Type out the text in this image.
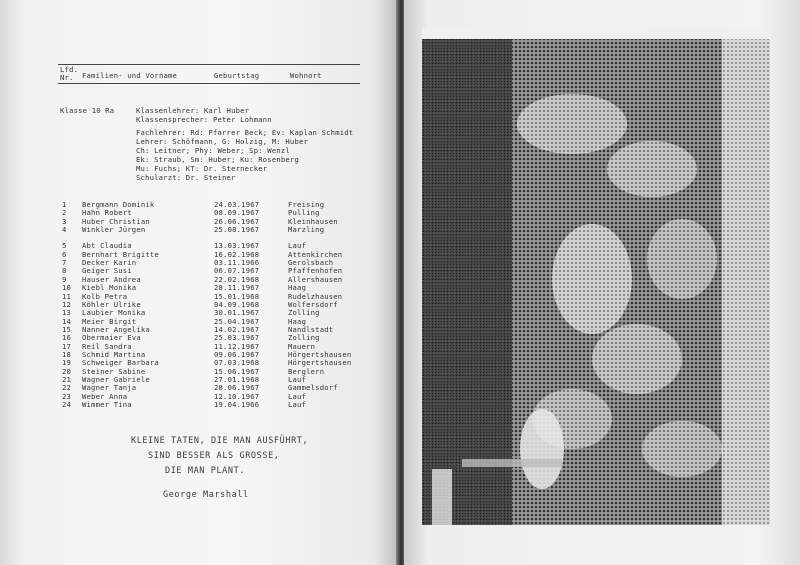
Lfd.
Nr.	Familien- und Vorname	Geburtstag	Wohnort
Klasse 10 Ra	Klassenlehrer: Karl Huber
Klassensprecher: Peter Lohmann
Fachlehrer: Rd: Pfarrer Beck; Ev: Kaplan Schmidt
Lehrer: Schöfmann, G: Holzig, M: Huber
Ch: Leitner; Phy: Weber; Sp: Wenzl
Ek: Straub, Sm: Huber; Ku: Rosenberg
Mu: Fuchs; KT: Dr. Sternecker
Schularzt: Dr. Steiner
1 Bergmann Dominik	24.03.1967	Freising
2 Hahn Robert	08.09.1967	Pulling
3 Huber Christian	26.06.1967	Kleinhausen
4 Winkler Jürgen	25.08.1967	Marzling
5 Abt Claudia	13.03.1967	Lauf
6 Bernhart Brigitte	16.02.1968	Attenkirchen
7 Decker Karin	03.11.1966	Gerolsbach
8 Geiger Susi	06.07.1967	Pfaffenhofen
9 Hauser Andrea	22.02.1968	Allershausen
10 Kiebl Monika	28.11.1967	Haag
11 Kolb Petra	15.01.1968	Rudelzhausen
12 Köhler Ulrike	04.09.1968	Wolfersdorf
13 Laubier Monika	30.01.1967	Zolling
14 Meier Birgit	25.04.1967	Haag
15 Nanner Angelika	14.02.1967	Nandlstadt
16 Obermaier Eva	25.03.1967	Zolling
17 Reil Sandra	11.12.1967	Mauern
18 Schmid Martina	09.06.1967	Hörgertshausen
19 Schweiger Barbara	07.03.1968	Hörgertshausen
20 Steiner Sabine	15.06.1967	Berglern
21 Wagner Gabriele	27.01.1968	Lauf
22 Wagner Tanja	28.06.1967	Gammelsdorf
23 Weber Anna	12.10.1967	Lauf
24 Wimmer Tina	19.04.1966	Lauf
KLEINE TATEN, DIE MAN AUSFÜHRT,
SIND BESSER ALS GROSSE,
DIE MAN PLANT.
George Marshall
